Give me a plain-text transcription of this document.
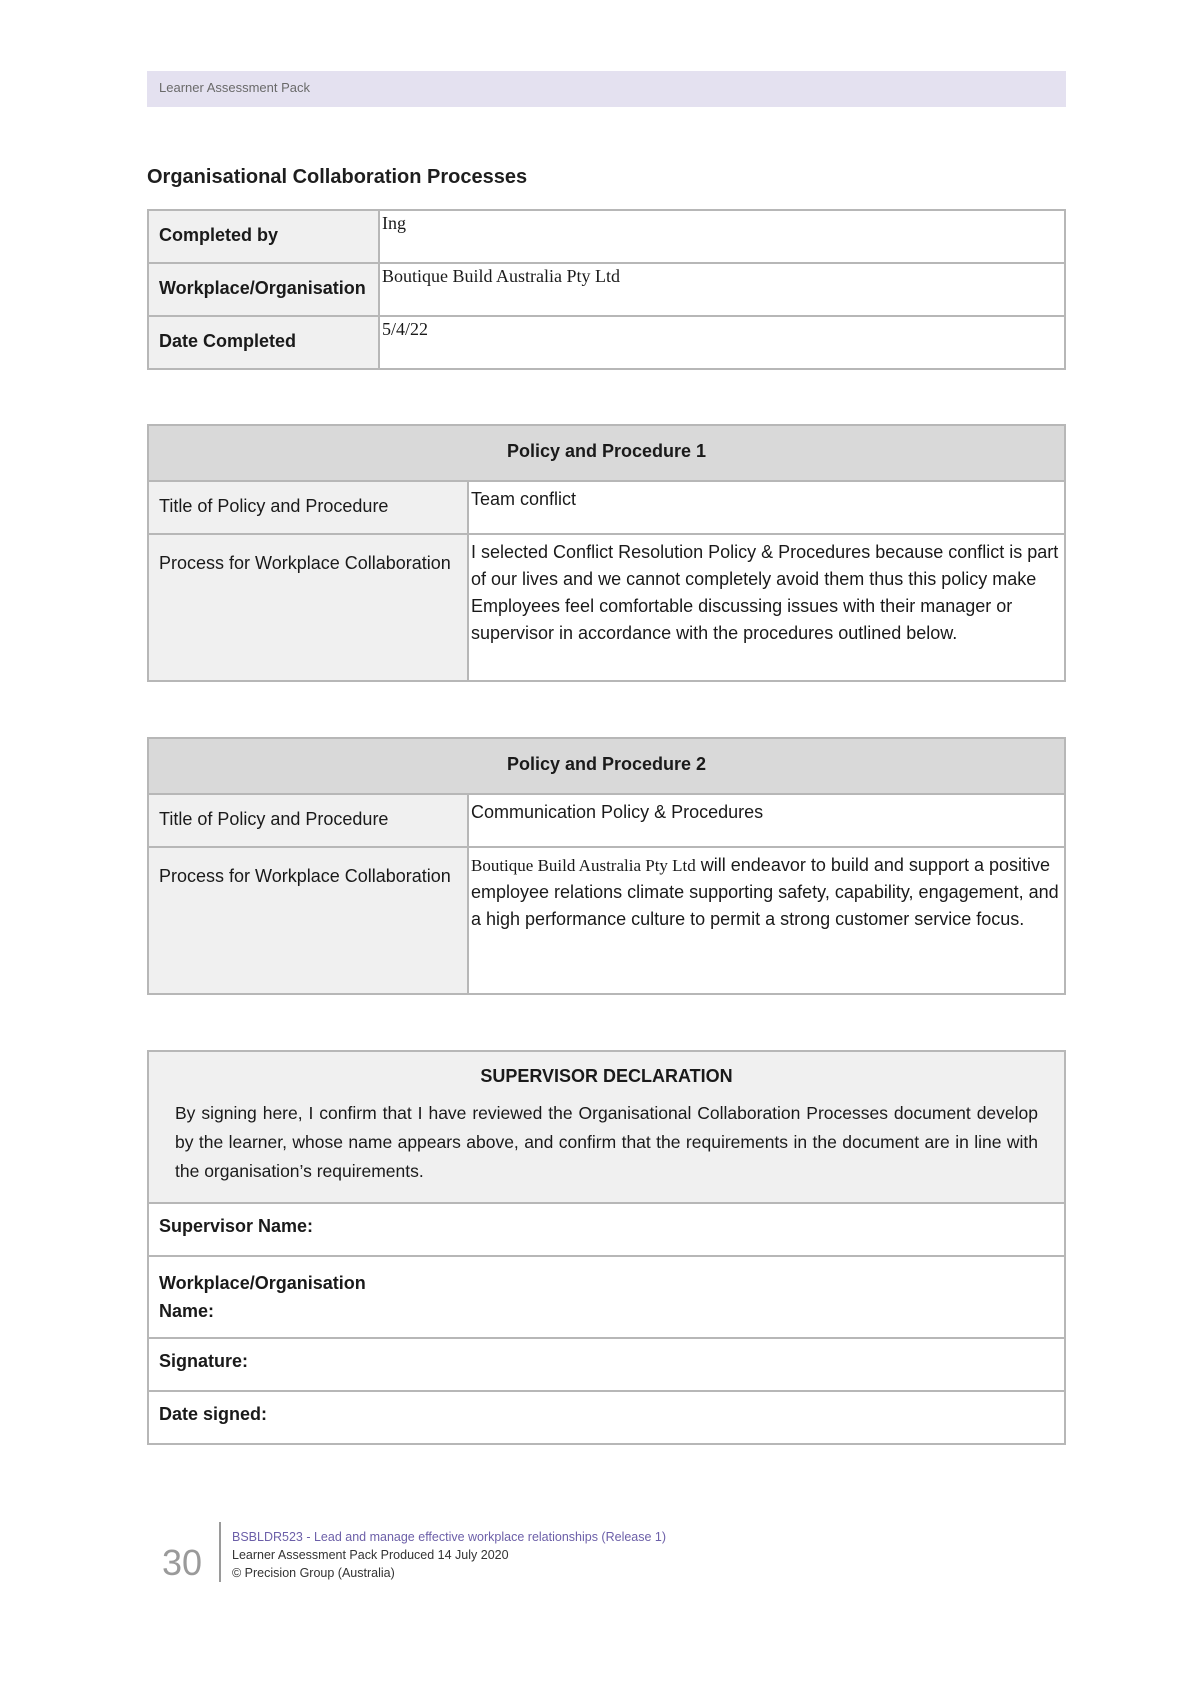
Learner Assessment Pack
Organisational Collaboration Processes
Completed by	Ing
Workplace/Organisation	Boutique Build Australia Pty Ltd
Date Completed	5/4/22
Policy and Procedure 1	
Title of Policy and Procedure	Team conflict
Process for Workplace Collaboration	I selected Conflict Resolution Policy & Procedures because conflict is part of our lives and we cannot completely avoid them thus this policy make Employees feel comfortable discussing issues with their manager or supervisor in accordance with the procedures outlined below.
Policy and Procedure 2	
Title of Policy and Procedure	Communication Policy & Procedures
Process for Workplace Collaboration	Boutique Build Australia Pty Ltd will endeavor to build and support a positive employee relations climate supporting safety, capability, engagement, and a high performance culture to permit a strong customer service focus.
SUPERVISOR DECLARATION
By signing here, I confirm that I have reviewed the Organisational Collaboration Processes document develop by the learner, whose name appears above, and confirm that the requirements in the document are in line with the organisation’s requirements.

Supervisor Name:
Workplace/Organisation Name:
Signature:
Date signed:
30
BSBLDR523 - Lead and manage effective workplace relationships (Release 1)
Learner Assessment Pack Produced 14 July 2020
© Precision Group (Australia)
